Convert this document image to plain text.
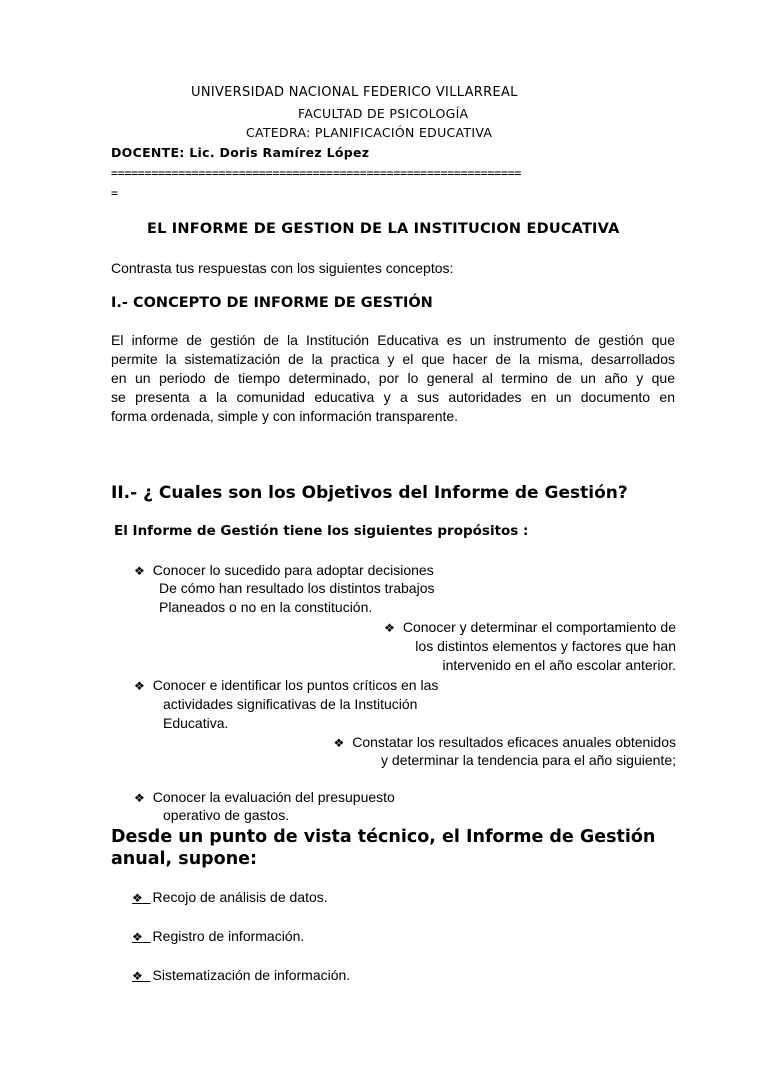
UNIVERSIDAD NACIONAL FEDERICO VILLARREAL
FACULTAD DE PSICOLOGÍA
CATEDRA: PLANIFICACIÓN EDUCATIVA
DOCENTE: Lic. Doris Ramírez López
=============================================================
=
EL INFORME DE GESTION DE LA INSTITUCION EDUCATIVA
Contrasta tus respuestas con los siguientes conceptos:
I.- CONCEPTO DE INFORME DE GESTIÓN

El informe de gestión de la Institución Educativa es un instrumento de gestión que

permite la sistematización de la practica y el que hacer de la misma, desarrollados

en un periodo de tiempo determinado, por lo general al termino de un año y que

se presenta a la comunidad educativa y a sus autoridades en un documento en

forma ordenada, simple y con información transparente.

II.- ¿ Cuales son los Objetivos del Informe de Gestión?
El Informe de Gestión tiene los siguientes propósitos :
❖ Conocer lo sucedido para adoptar decisiones
De cómo han resultado los distintos trabajos
Planeados o no en la constitución.
❖ Conocer y determinar el comportamiento de
los distintos elementos y factores que han
intervenido en el año escolar anterior.
❖ Conocer e identificar los puntos críticos en las
actividades significativas de la Institución
Educativa.
❖ Constatar los resultados eficaces anuales obtenidos
y determinar la tendencia para el año siguiente;
❖ Conocer la evaluación del presupuesto
operativo de gastos.
Desde un punto de vista técnico, el Informe de Gestión
anual, supone:
❖ Recojo de análisis de datos.
❖ Registro de información.
❖ Sistematización de información.
